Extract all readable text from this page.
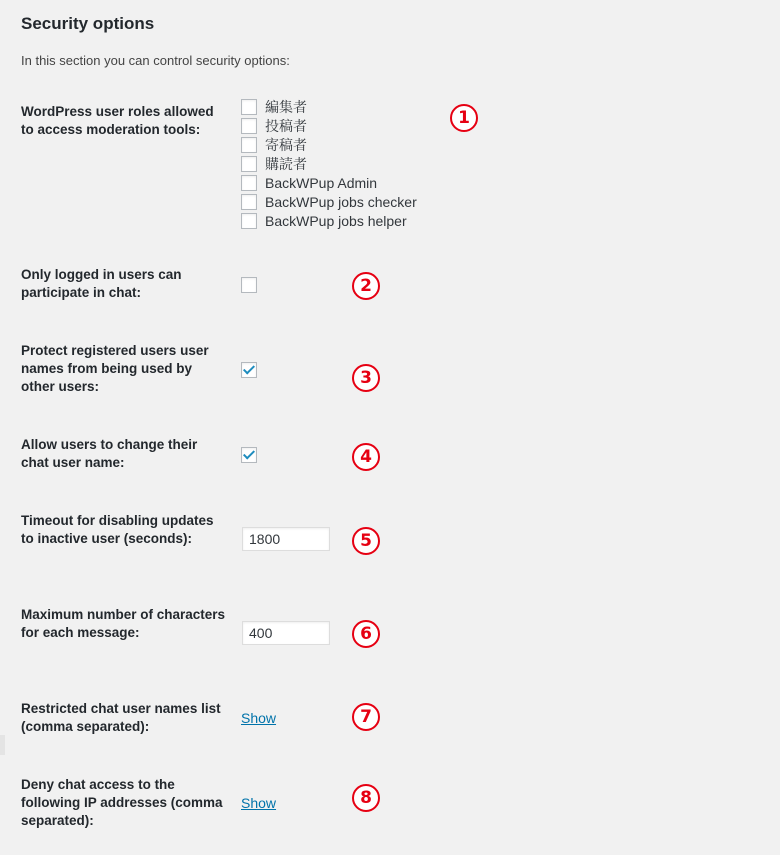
Security options
In this section you can control security options:
WordPress user roles allowed to access moderation tools:
編集者
投稿者
寄稿者
購読者
BackWPup Admin
BackWPup jobs checker
BackWPup jobs helper
1
Only logged in users can participate in chat:	2
Protect registered users user names from being used by other users:	3
Allow users to change their chat user name:	4
Timeout for disabling updates to inactive user (seconds):
1800	5
Maximum number of characters for each message:
400	6
Restricted chat user names list (comma separated):
Show	7
Deny chat access to the following IP addresses (comma separated):
Show	8
